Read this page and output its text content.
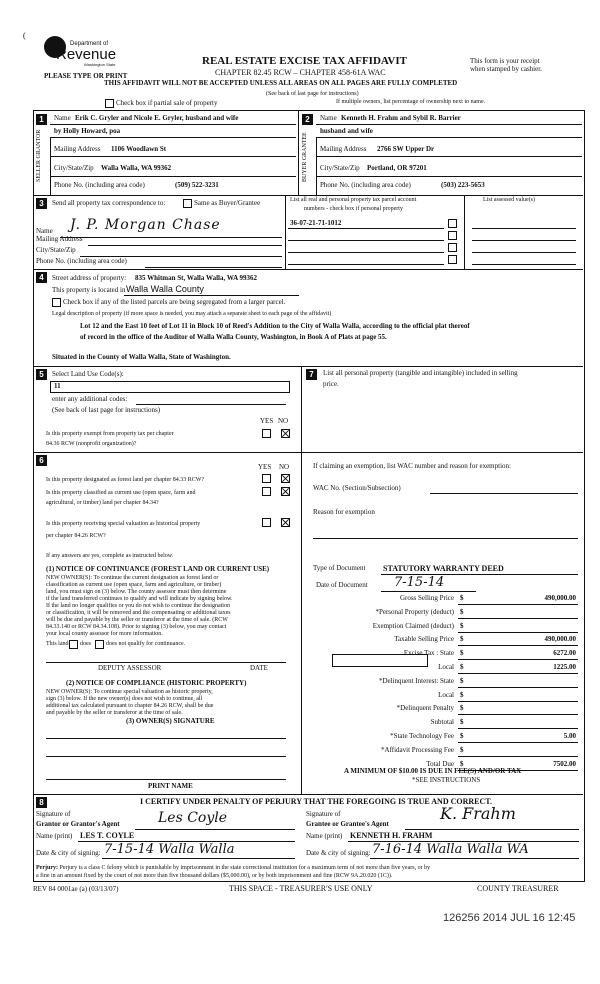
(
Department of
Revenue
Washington State
PLEASE TYPE OR PRINT
REAL ESTATE EXCISE TAX AFFIDAVIT
CHAPTER 82.45 RCW – CHAPTER 458-61A WAC
THIS AFFIDAVIT WILL NOT BE ACCEPTED UNLESS ALL AREAS ON ALL PAGES ARE FULLY COMPLETED
This form is your receipt
when stamped by cashier.
(See back of last page for instructions)
Check box if partial sale of property	If multiple owners, list percentage of ownership next to name.
1
SELLER GRANTOR
Name Erik C. Gryler and Nicole E. Gryler, husband and wife
by Holly Howard, poa
Mailing Address 1106 Woodlawn St
City/State/Zip Walla Walla, WA 99362
Phone No. (including area code)	(509) 522-3231
2
BUYER GRANTEE
Name Kenneth H. Frahm and Sybil R. Barrier
husband and wife
Mailing Address 2766 SW Upper Dr
City/State/Zip Portland, OR 97201
Phone No. (including area code)	(503) 223-5653
3	Send all property tax correspondence to:	Same as Buyer/Grantee
Name J. P. Morgan Chase
Mailing Address
City/State/Zip
Phone No. (including area code)
List all real and personal property tax parcel account
numbers - check box if personal property
List assessed value(s)
36-07-21-71-1012
4	Street address of property: 835 Whitman St, Walla Walla, WA 99362
This property is located in Walla Walla County
Check box if any of the listed parcels are being segregated from a larger parcel.
Legal description of property (if more space is needed, you may attach a separate sheet to each page of the affidavit)
Lot 12 and the East 10 feet of Lot 11 in Block 10 of Reed's Addition to the City of Walla Walla, according to the official plat thereof
of record in the office of the Auditor of Walla Walla County, Washington, in Book A of Plats at page 55.
Situated in the County of Walla Walla, State of Washington.
5	Select Land Use Code(s):
11
enter any additional codes:
(See back of last page for instructions)
YES NO
Is this property exempt from property tax per chapter
84.36 RCW (nonprofit organization)?
6
YES NO
Is this property designated as forest land per chapter 84.33 RCW?
Is this property classified as current use (open space, farm and
agricultural, or timber) land per chapter 84.34?
Is this property receiving special valuation as historical property
per chapter 84.26 RCW?
If any answers are yes, complete as instructed below.
(1) NOTICE OF CONTINUANCE (FOREST LAND OR CURRENT USE)
NEW OWNER(S): To continue the current designation as forest land or
classification as current use (open space, farm and agriculture, or timber)
land, you must sign on (3) below. The county assessor must then determine
if the land transferred continues to qualify and will indicate by signing below.
If the land no longer qualifies or you do not wish to continue the designation
or classification, it will be removed and the compensating or additional taxes
will be due and payable by the seller or transferor at the time of sale. (RCW
84.33.140 or RCW 84.34.108). Prior to signing (3) below, you may contact
your local county assessor for more information.
This land does	does not qualify for continuance.
DEPUTY ASSESSOR	DATE
(2) NOTICE OF COMPLIANCE (HISTORIC PROPERTY)
NEW OWNER(S): To continue special valuation as historic property,
sign (3) below. If the new owner(s) does not wish to continue, all
additional tax calculated pursuant to chapter 84.26 RCW, shall be due
and payable by the seller or transferor at the time of sale.
(3) OWNER(S) SIGNATURE
PRINT NAME
7	List all personal property (tangible and intangible) included in selling
price.
If claiming an exemption, list WAC number and reason for exemption:
WAC No. (Section/Subsection)
Reason for exemption
Type of Document STATUTORY WARRANTY DEED
Date of Document 7-15-14
Gross Selling Price $	490,000.00
*Personal Property (deduct) $
Exemption Claimed (deduct) $
Taxable Selling Price $	490,000.00
Excise Tax : State $	6272.00
Local $	1225.00
*Delinquent Interest: State $
Local $
*Delinquent Penalty $
Subtotal $
*State Technology Fee $	5.00
*Affidavit Processing Fee $
Total Due $	7502.00
A MINIMUM OF $10.00 IS DUE IN FEE(S) AND/OR TAX
*SEE INSTRUCTIONS
8	I CERTIFY UNDER PENALTY OF PERJURY THAT THE FOREGOING IS TRUE AND CORRECT.
Signature of
Grantor or Grantor's Agent	Les Coyle
Name (print) LES T. COYLE
Date & city of signing: 7-15-14 Walla Walla
Signature of
Grantee or Grantee's Agent
K. Frahm
Name (print) KENNETH H. FRAHM
Date & city of signing: 7-16-14 Walla Walla WA
Perjury: Perjury is a class C felony which is punishable by imprisonment in the state correctional institution for a maximum term of not more than five years, or by
a fine in an amount fixed by the court of not more than five thousand dollars ($5,000.00), or by both imprisonment and fine (RCW 9A.20.020 (1C)).
REV 84 0001ae (a) (03/13/07)	THIS SPACE - TREASURER'S USE ONLY	COUNTY TREASURER
126256 2014 JUL 16 12:45
